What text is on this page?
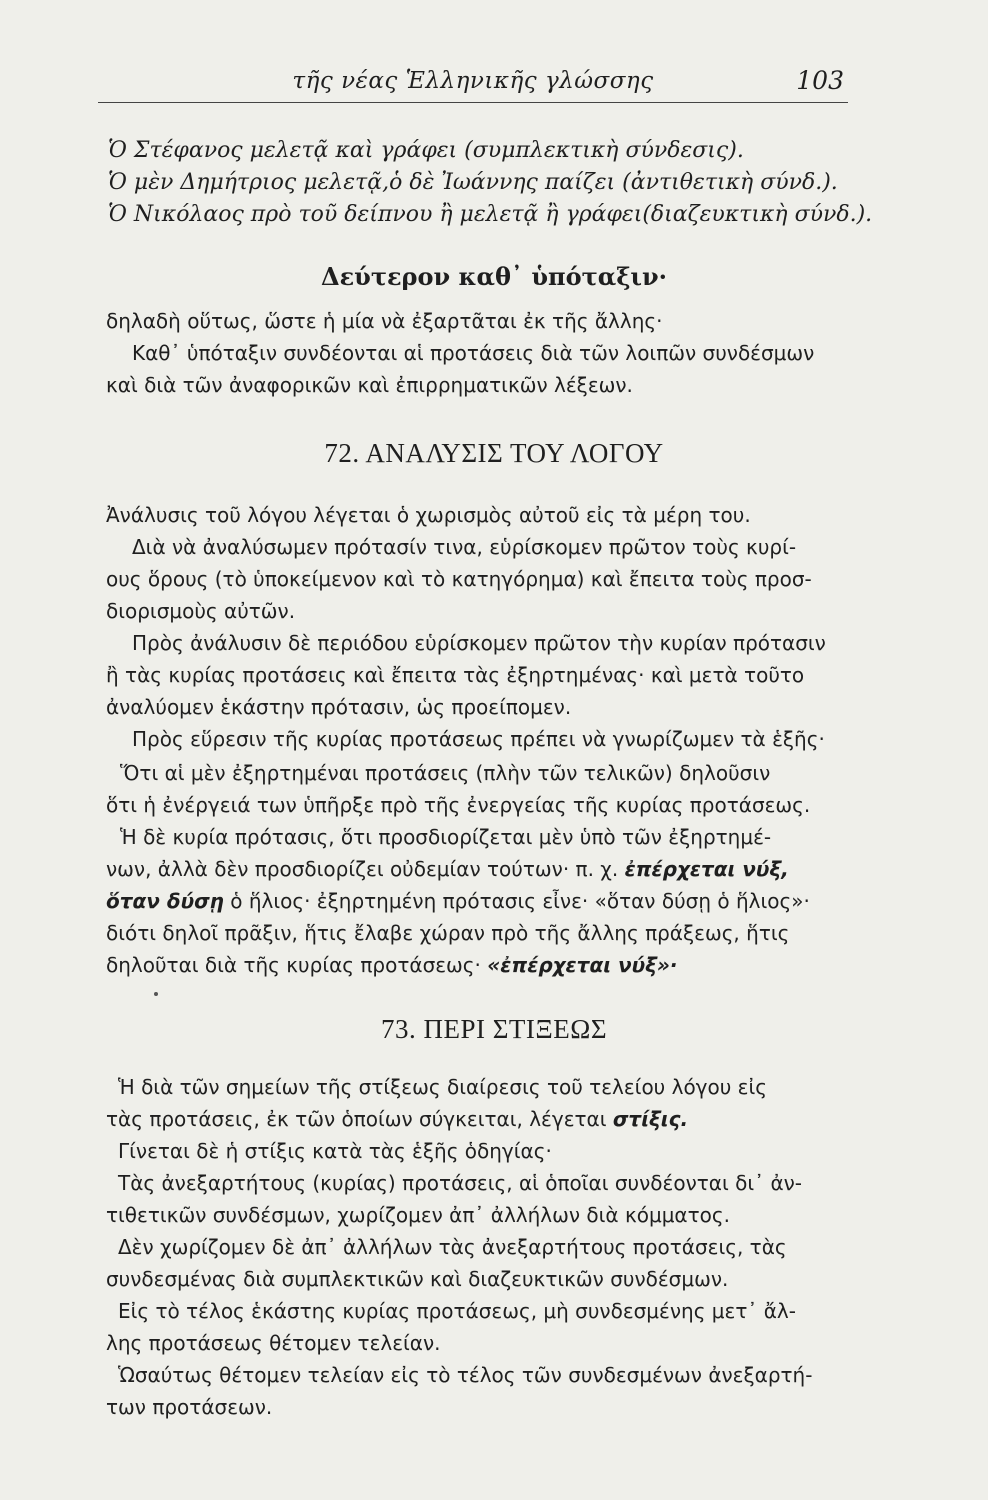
τῆς νέας Ἑλληνικῆς γλώσσης	103
Ὁ Στέφανος μελετᾷ καὶ γράφει (συμπλεκτικὴ σύνδεσις).
Ὁ μὲν Δημήτριος μελετᾷ,ὁ δὲ Ἰωάννης παίζει (ἀντιθετικὴ σύνδ.).
Ὁ Νικόλαος πρὸ τοῦ δείπνου ἢ μελετᾷ ἢ γράφει(διαζευκτικὴ σύνδ.).
Δεύτερον καθ᾽ ὑπόταξιν·
δηλαδὴ οὕτως, ὥστε ἡ μία νὰ ἐξαρτᾶται ἐκ τῆς ἄλλης·
Καθ᾽ ὑπόταξιν συνδέονται αἱ προτάσεις διὰ τῶν λοιπῶν συνδέσμων
καὶ διὰ τῶν ἀναφορικῶν καὶ ἐπιρρηματικῶν λέξεων.
72. ΑΝΑΛΥΣΙΣ ΤΟΥ ΛΟΓΟΥ
Ἀνάλυσις τοῦ λόγου λέγεται ὁ χωρισμὸς αὐτοῦ εἰς τὰ μέρη του.
Διὰ νὰ ἀναλύσωμεν πρότασίν τινα, εὑρίσκομεν πρῶτον τοὺς κυρί-
ους ὅρους (τὸ ὑποκείμενον καὶ τὸ κατηγόρημα) καὶ ἔπειτα τοὺς προσ-
διορισμοὺς αὐτῶν.
Πρὸς ἀνάλυσιν δὲ περιόδου εὑρίσκομεν πρῶτον τὴν κυρίαν πρότασιν
ἢ τὰς κυρίας προτάσεις καὶ ἔπειτα τὰς ἐξηρτημένας· καὶ μετὰ τοῦτο
ἀναλύομεν ἑκάστην πρότασιν, ὡς προείπομεν.
Πρὸς εὕρεσιν τῆς κυρίας προτάσεως πρέπει νὰ γνωρίζωμεν τὰ ἑξῆς·
Ὅτι αἱ μὲν ἐξηρτημέναι προτάσεις (πλὴν τῶν τελικῶν) δηλοῦσιν
ὅτι ἡ ἐνέργειά των ὑπῆρξε πρὸ τῆς ἐνεργείας τῆς κυρίας προτάσεως.
Ἡ δὲ κυρία πρότασις, ὅτι προσδιορίζεται μὲν ὑπὸ τῶν ἐξηρτημέ-
νων, ἀλλὰ δὲν προσδιορίζει οὐδεμίαν τούτων· π. χ. ἐπέρχεται νύξ,
ὅταν δύσῃ ὁ ἥλιος· ἐξηρτημένη πρότασις εἶνε· «ὅταν δύσῃ ὁ ἥλιος»·
διότι δηλοῖ πρᾶξιν, ἥτις ἔλαβε χώραν πρὸ τῆς ἄλλης πράξεως, ἥτις
δηλοῦται διὰ τῆς κυρίας προτάσεως· «ἐπέρχεται νύξ»·
73. ΠΕΡΙ ΣΤΙΞΕΩΣ
Ἡ διὰ τῶν σημείων τῆς στίξεως διαίρεσις τοῦ τελείου λόγου εἰς
τὰς προτάσεις, ἐκ τῶν ὁποίων σύγκειται, λέγεται στίξις.
Γίνεται δὲ ἡ στίξις κατὰ τὰς ἑξῆς ὁδηγίας·
Τὰς ἀνεξαρτήτους (κυρίας) προτάσεις, αἱ ὁποῖαι συνδέονται δι᾽ ἀν-
τιθετικῶν συνδέσμων, χωρίζομεν ἀπ᾽ ἀλλήλων διὰ κόμματος.
Δὲν χωρίζομεν δὲ ἀπ᾽ ἀλλήλων τὰς ἀνεξαρτήτους προτάσεις, τὰς
συνδεσμένας διὰ συμπλεκτικῶν καὶ διαζευκτικῶν συνδέσμων.
Εἰς τὸ τέλος ἑκάστης κυρίας προτάσεως, μὴ συνδεσμένης μετ᾽ ἄλ-
λης προτάσεως θέτομεν τελείαν.
Ὡσαύτως θέτομεν τελείαν εἰς τὸ τέλος τῶν συνδεσμένων ἀνεξαρτή-
των προτάσεων.
